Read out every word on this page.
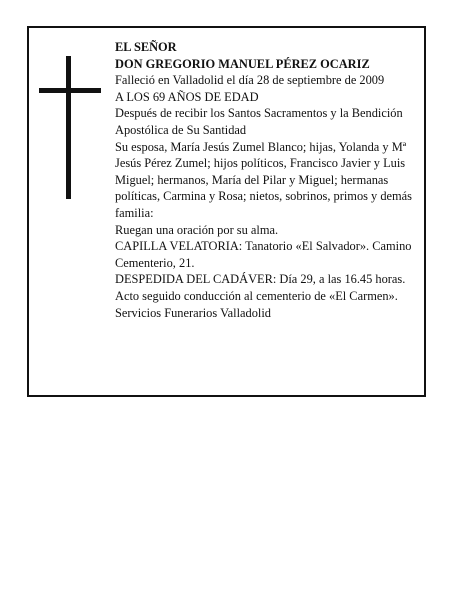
EL SEÑOR

DON GREGORIO MANUEL PÉREZ OCARIZ

Falleció en Valladolid el día 28 de septiembre de 2009

A LOS 69 AÑOS DE EDAD

Después de recibir los Santos Sacramentos y la Bendición Apostólica de Su Santidad

Su esposa, María Jesús Zumel Blanco; hijas, Yolanda y Mª Jesús Pérez Zumel; hijos políticos, Francisco Javier y Luis Miguel; hermanos, María del Pilar y Miguel; hermanas políticas, Carmina y Rosa; nietos, sobrinos, primos y demás familia:

Ruegan una oración por su alma.

CAPILLA VELATORIA: Tanatorio «El Salvador». Camino Cementerio, 21.

DESPEDIDA DEL CADÁVER: Día 29, a las 16.45 horas. Acto seguido conducción al cementerio de «El Carmen».

Servicios Funerarios Valladolid
